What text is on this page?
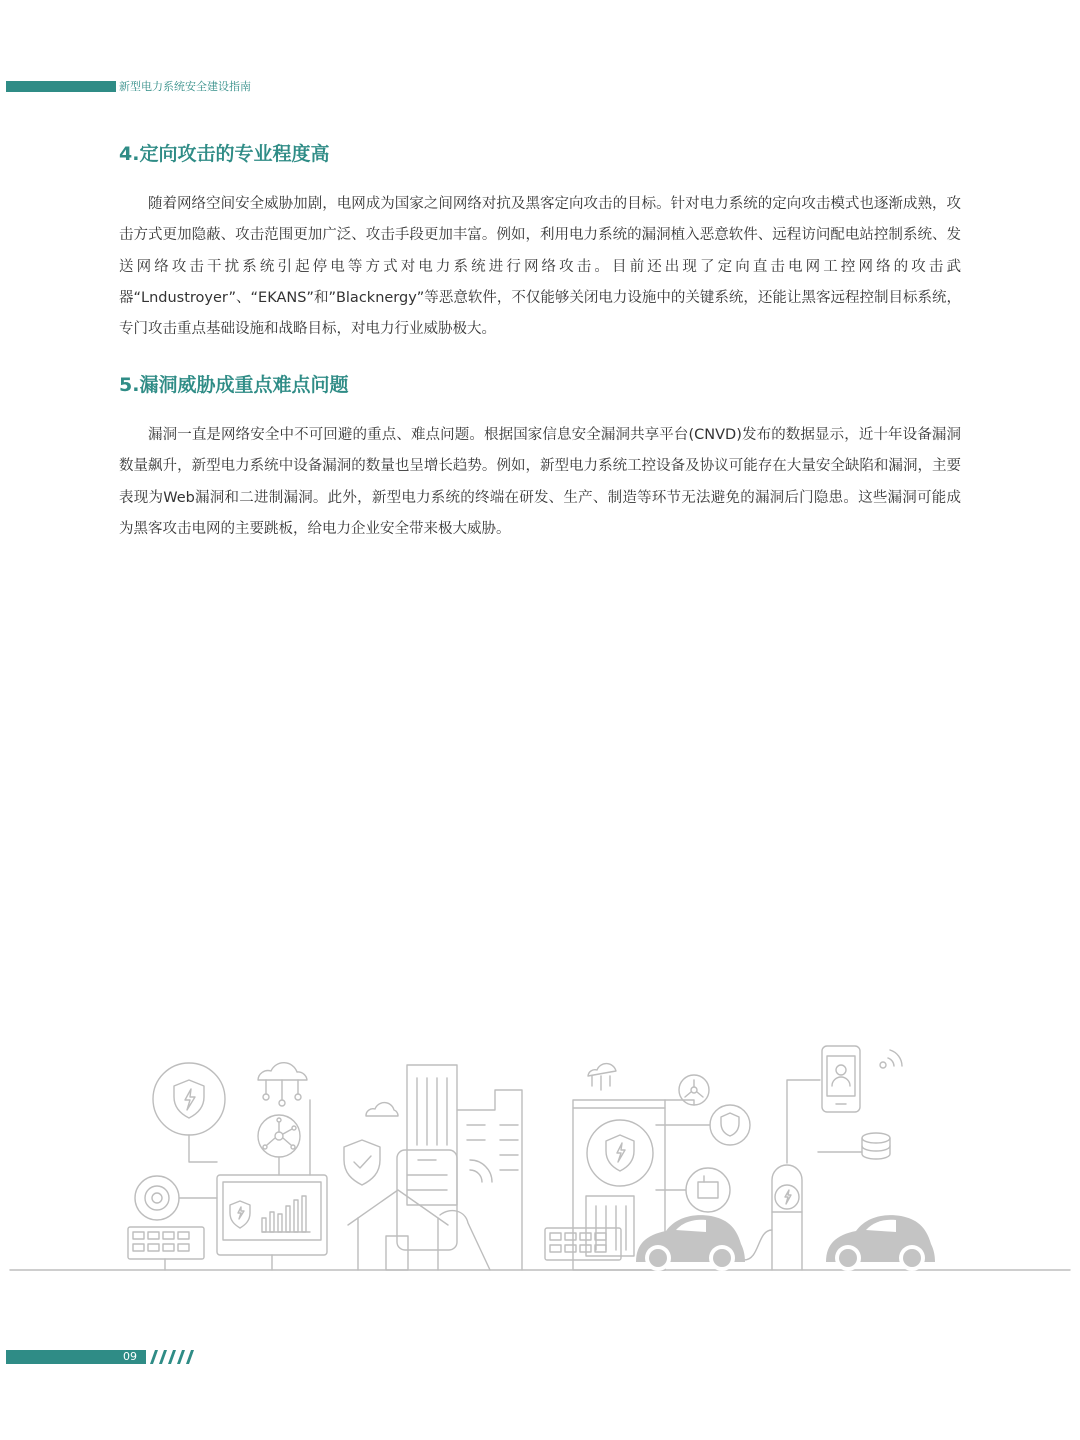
新型电力系统安全建设指南
4.定向攻击的专业程度高

随着网络空间安全威胁加剧，电网成为国家之间网络对抗及黑客定向攻击的目标。针对电力系统的定向攻击模式也逐渐成熟，攻击方式更加隐蔽、攻击范围更加广泛、攻击手段更加丰富。例如，利用电力系统的漏洞植入恶意软件、远程访问配电站控制系统、发送网络攻击干扰系统引起停电等方式对电力系统进行网络攻击。目前还出现了定向直击电网工控网络的攻击武器“Lndustroyer”、“EKANS”和”Blacknergy”等恶意软件，不仅能够关闭电力设施中的关键系统，还能让黑客远程控制目标系统，专门攻击重点基础设施和战略目标，对电力行业威胁极大。

5.漏洞威胁成重点难点问题

漏洞一直是网络安全中不可回避的重点、难点问题。根据国家信息安全漏洞共享平台(CNVD)发布的数据显示，近十年设备漏洞数量飙升，新型电力系统中设备漏洞的数量也呈增长趋势。例如，新型电力系统工控设备及协议可能存在大量安全缺陷和漏洞，主要表现为Web漏洞和二进制漏洞。此外，新型电力系统的终端在研发、生产、制造等环节无法避免的漏洞后门隐患。这些漏洞可能成为黑客攻击电网的主要跳板，给电力企业安全带来极大威胁。

09
